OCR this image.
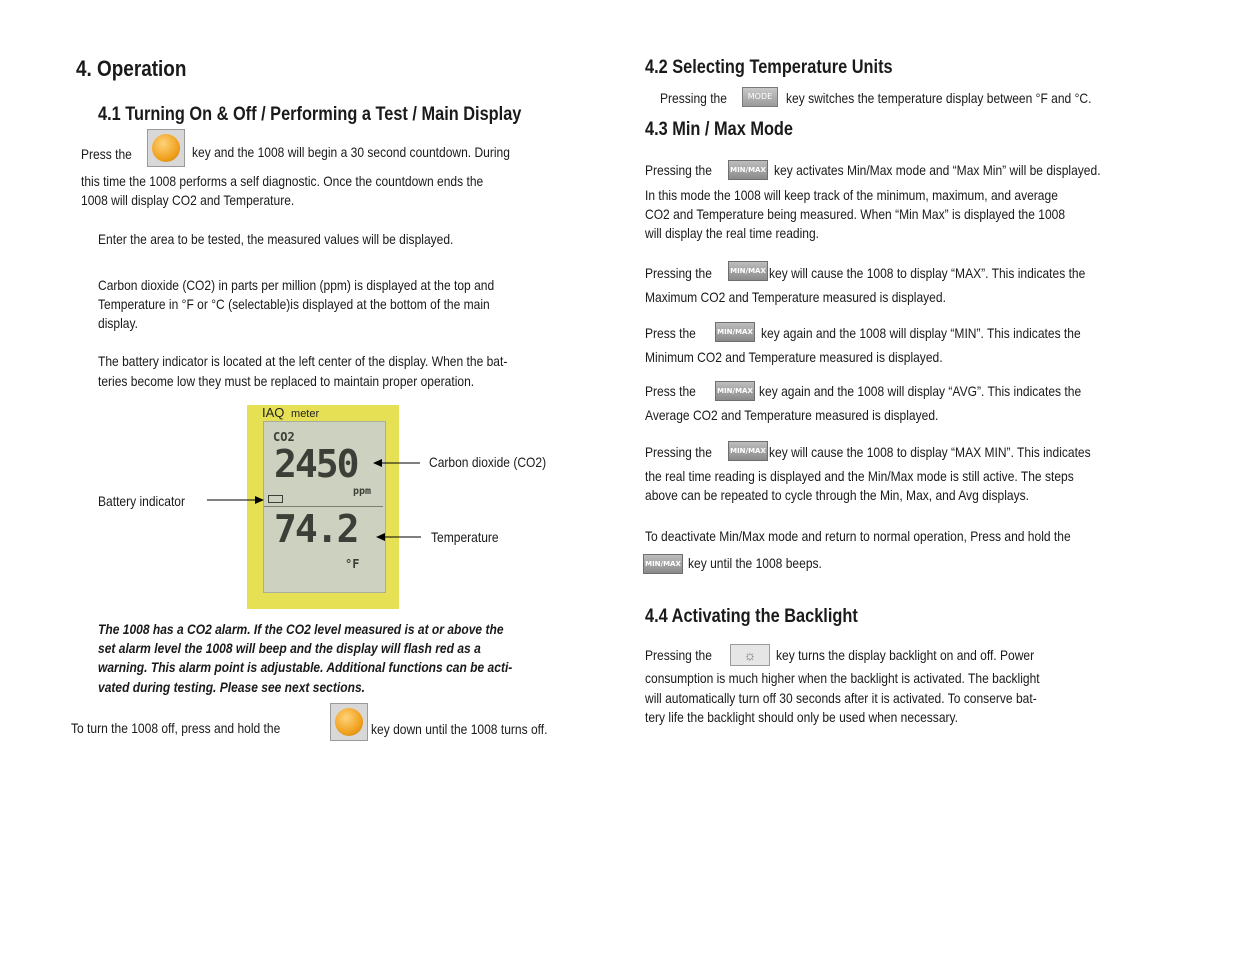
4. Operation
4.1 Turning On & Off / Performing a Test / Main Display
Press the	key and the 1008 will begin a 30 second countdown. During
this time the 1008 performs a self diagnostic. Once the countdown ends the
1008 will display CO2 and Temperature.
Enter the area to be tested, the measured values will be displayed.
Carbon dioxide (CO2) in parts per million (ppm) is displayed at the top and
Temperature in °F or °C (selectable)is displayed at the bottom of the main
display.
The battery indicator is located at the left center of the display. When the bat-
teries become low they must be replaced to maintain proper operation.
IAQ meter
CO2
2450
ppm
74.2
°F
Carbon dioxide (CO2)
Battery indicator
Temperature
The 1008 has a CO2 alarm. If the CO2 level measured is at or above the
set alarm level the 1008 will beep and the display will flash red as a
warning. This alarm point is adjustable. Additional functions can be acti-
vated during testing. Please see next sections.
To turn the 1008 off, press and hold the	key down until the 1008 turns off.
4.2 Selecting Temperature Units
Pressing the	MODE key switches the temperature display between °F and °C.
4.3 Min / Max Mode
Pressing the	MIN/MAX key activates Min/Max mode and “Max Min” will be displayed.
In this mode the 1008 will keep track of the minimum, maximum, and average
CO2 and Temperature being measured. When “Min Max” is displayed the 1008
will display the real time reading.
Pressing the	MIN/MAX key will cause the 1008 to display “MAX”. This indicates the
Maximum CO2 and Temperature measured is displayed.
Press the	MIN/MAX key again and the 1008 will display “MIN”. This indicates the
Minimum CO2 and Temperature measured is displayed.
Press the	MIN/MAX key again and the 1008 will display “AVG”. This indicates the
Average CO2 and Temperature measured is displayed.
Pressing the	MIN/MAX key will cause the 1008 to display “MAX MIN”. This indicates
the real time reading is displayed and the Min/Max mode is still active. The steps
above can be repeated to cycle through the Min, Max, and Avg displays.
To deactivate Min/Max mode and return to normal operation, Press and hold the
MIN/MAX key until the 1008 beeps.
4.4 Activating the Backlight
Pressing the	☼	key turns the display backlight on and off. Power
consumption is much higher when the backlight is activated. The backlight
will automatically turn off 30 seconds after it is activated. To conserve bat-
tery life the backlight should only be used when necessary.
